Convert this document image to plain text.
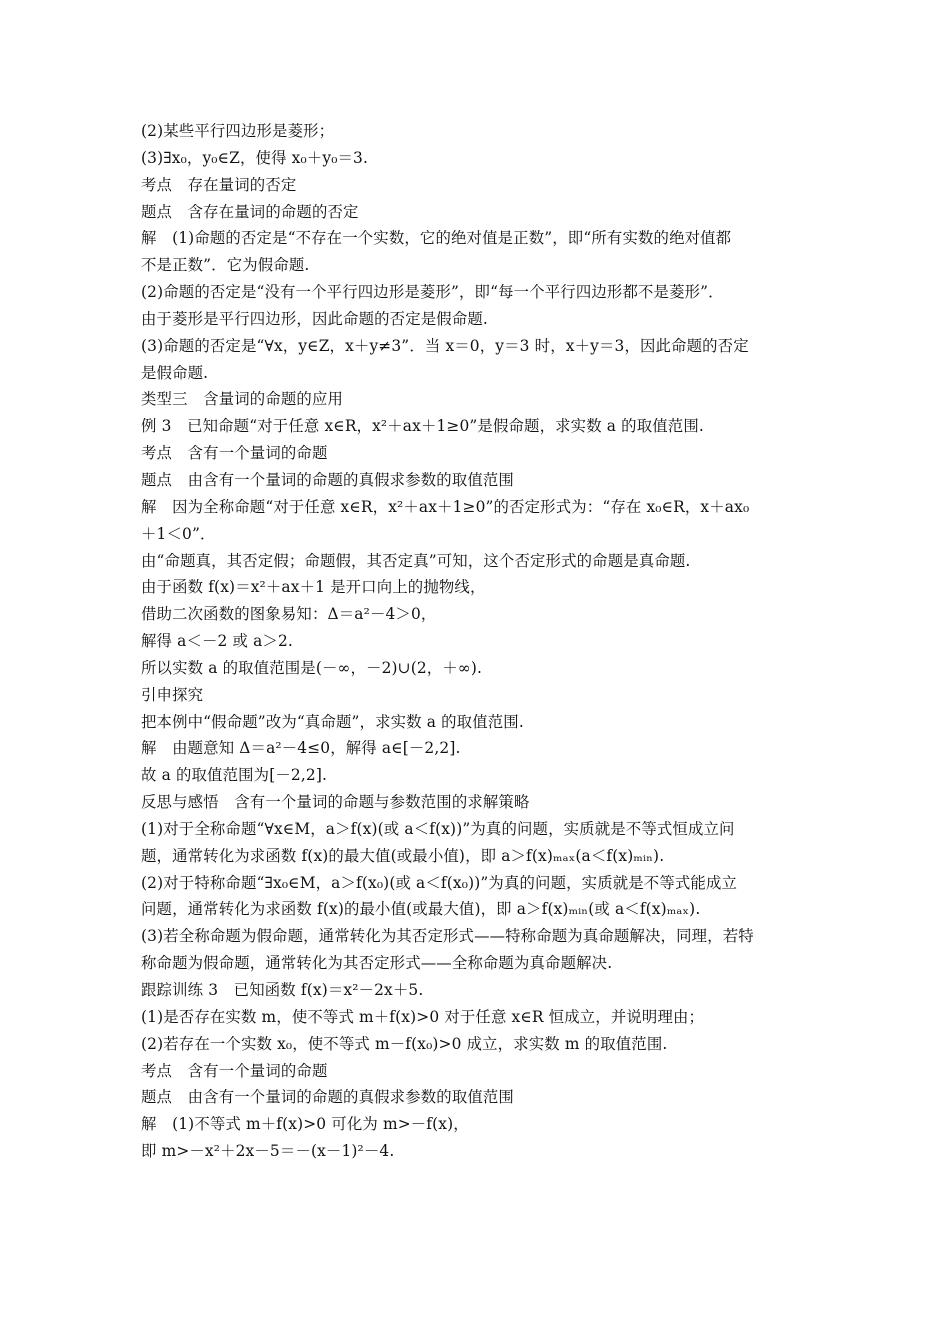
(2)某些平行四边形是菱形；
(3)∃x₀，y₀∈Z，使得 x₀＋y₀＝3.
考点　存在量词的否定
题点　含存在量词的命题的否定
解　(1)命题的否定是“不存在一个实数，它的绝对值是正数”，即“所有实数的绝对值都
不是正数”．它为假命题.
(2)命题的否定是“没有一个平行四边形是菱形”，即“每一个平行四边形都不是菱形”．
由于菱形是平行四边形，因此命题的否定是假命题.
(3)命题的否定是“∀x，y∈Z，x＋y≠3”．当 x＝0，y＝3 时，x＋y＝3，因此命题的否定
是假命题.
类型三　含量词的命题的应用
例 3　已知命题“对于任意 x∈R，x²＋ax＋1≥0”是假命题，求实数 a 的取值范围.
考点　含有一个量词的命题
题点　由含有一个量词的命题的真假求参数的取值范围
解　因为全称命题“对于任意 x∈R，x²＋ax＋1≥0”的否定形式为：“存在 x₀∈R，x＋ax₀
＋1＜0”．
由“命题真，其否定假；命题假，其否定真”可知，这个否定形式的命题是真命题.
由于函数 f(x)＝x²＋ax＋1 是开口向上的抛物线，
借助二次函数的图象易知：Δ＝a²－4＞0，
解得 a＜－2 或 a＞2.
所以实数 a 的取值范围是(－∞，－2)∪(2，＋∞).
引申探究
把本例中“假命题”改为“真命题”，求实数 a 的取值范围.
解　由题意知 Δ＝a²－4≤0，解得 a∈[－2,2].
故 a 的取值范围为[－2,2].
反思与感悟　含有一个量词的命题与参数范围的求解策略
(1)对于全称命题“∀x∈M，a＞f(x)(或 a＜f(x))”为真的问题，实质就是不等式恒成立问
题，通常转化为求函数 f(x)的最大值(或最小值)，即 a＞f(x)ₘₐₓ(a＜f(x)ₘᵢₙ).
(2)对于特称命题“∃x₀∈M，a＞f(x₀)(或 a＜f(x₀))”为真的问题，实质就是不等式能成立
问题，通常转化为求函数 f(x)的最小值(或最大值)，即 a＞f(x)ₘᵢₙ(或 a＜f(x)ₘₐₓ).
(3)若全称命题为假命题，通常转化为其否定形式——特称命题为真命题解决，同理，若特
称命题为假命题，通常转化为其否定形式——全称命题为真命题解决.
跟踪训练 3　已知函数 f(x)＝x²－2x＋5.
(1)是否存在实数 m，使不等式 m＋f(x)>0 对于任意 x∈R 恒成立，并说明理由；
(2)若存在一个实数 x₀，使不等式 m－f(x₀)>0 成立，求实数 m 的取值范围.
考点　含有一个量词的命题
题点　由含有一个量词的命题的真假求参数的取值范围
解　(1)不等式 m＋f(x)>0 可化为 m>－f(x)，
即 m>－x²＋2x－5＝－(x－1)²－4.
